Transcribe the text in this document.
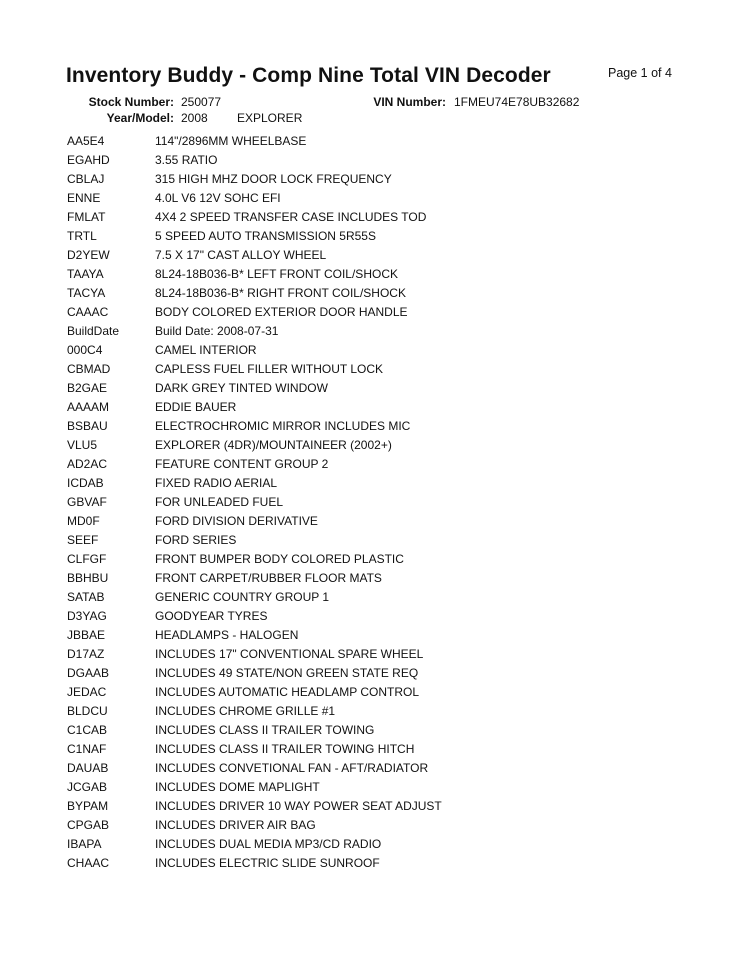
Inventory Buddy - Comp Nine Total VIN Decoder	Page 1 of 4
Stock Number: 250077	VIN Number: 1FMEU74E78UB32682
Year/Model: 2008 EXPLORER
AA5E4	114"/2896MM WHEELBASE
EGAHD	3.55 RATIO
CBLAJ	315 HIGH MHZ DOOR LOCK FREQUENCY
ENNE	4.0L V6 12V SOHC EFI
FMLAT	4X4 2 SPEED TRANSFER CASE INCLUDES TOD
TRTL	5 SPEED AUTO TRANSMISSION 5R55S
D2YEW	7.5 X 17" CAST ALLOY WHEEL
TAAYA	8L24-18B036-B* LEFT FRONT COIL/SHOCK
TACYA	8L24-18B036-B* RIGHT FRONT COIL/SHOCK
CAAAC	BODY COLORED EXTERIOR DOOR HANDLE
BuildDate	Build Date: 2008-07-31
000C4	CAMEL INTERIOR
CBMAD	CAPLESS FUEL FILLER WITHOUT LOCK
B2GAE	DARK GREY TINTED WINDOW
AAAAM	EDDIE BAUER
BSBAU	ELECTROCHROMIC MIRROR INCLUDES MIC
VLU5	EXPLORER (4DR)/MOUNTAINEER (2002+)
AD2AC	FEATURE CONTENT GROUP 2
ICDAB	FIXED RADIO AERIAL
GBVAF	FOR UNLEADED FUEL
MD0F	FORD DIVISION DERIVATIVE
SEEF	FORD SERIES
CLFGF	FRONT BUMPER BODY COLORED PLASTIC
BBHBU	FRONT CARPET/RUBBER FLOOR MATS
SATAB	GENERIC COUNTRY GROUP 1
D3YAG	GOODYEAR TYRES
JBBAE	HEADLAMPS - HALOGEN
D17AZ	INCLUDES 17" CONVENTIONAL SPARE WHEEL
DGAAB	INCLUDES 49 STATE/NON GREEN STATE REQ
JEDAC	INCLUDES AUTOMATIC HEADLAMP CONTROL
BLDCU	INCLUDES CHROME GRILLE #1
C1CAB	INCLUDES CLASS II TRAILER TOWING
C1NAF	INCLUDES CLASS II TRAILER TOWING HITCH
DAUAB	INCLUDES CONVETIONAL FAN - AFT/RADIATOR
JCGAB	INCLUDES DOME MAPLIGHT
BYPAM	INCLUDES DRIVER 10 WAY POWER SEAT ADJUST
CPGAB	INCLUDES DRIVER AIR BAG
IBAPA	INCLUDES DUAL MEDIA MP3/CD RADIO
CHAAC	INCLUDES ELECTRIC SLIDE SUNROOF
